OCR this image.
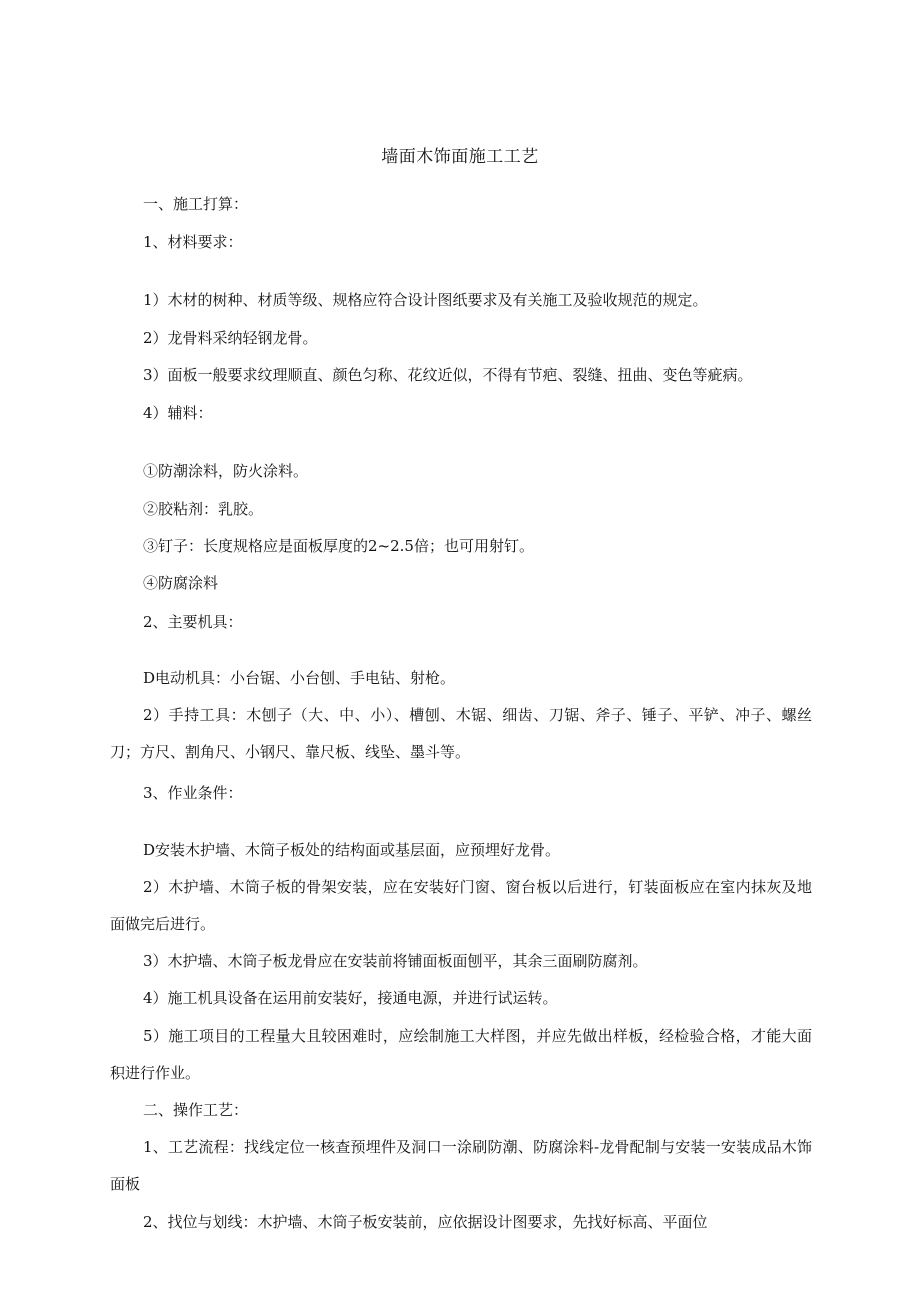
墙面木饰面施工工艺
一、施工打算：
1、材料要求：
1）木材的树种、材质等级、规格应符合设计图纸要求及有关施工及验收规范的规定。
2）龙骨料采纳轻钢龙骨。
3）面板一般要求纹理顺直、颜色匀称、花纹近似，不得有节疤、裂缝、扭曲、变色等疵病。
4）辅料：
①防潮涂料，防火涂料。
②胶粘剂：乳胶。
③钉子：长度规格应是面板厚度的2~2.5倍；也可用射钉。
④防腐涂料
2、主要机具：
D电动机具：小台锯、小台刨、手电钻、射枪。
2）手持工具：木刨子（大、中、小）、槽刨、木锯、细齿、刀锯、斧子、锤子、平铲、冲子、螺丝刀；方尺、割角尺、小钢尺、靠尺板、线坠、墨斗等。
3、作业条件：
D安装木护墙、木筒子板处的结构面或基层面，应预埋好龙骨。
2）木护墙、木筒子板的骨架安装，应在安装好门窗、窗台板以后进行，钉装面板应在室内抹灰及地面做完后进行。
3）木护墙、木筒子板龙骨应在安装前将铺面板面刨平，其余三面刷防腐剂。
4）施工机具设备在运用前安装好，接通电源，并进行试运转。
5）施工项目的工程量大且较困难时，应绘制施工大样图，并应先做出样板，经检验合格，才能大面积进行作业。
二、操作工艺：
1、工艺流程：找线定位一核查预埋件及洞口一涂刷防潮、防腐涂料-龙骨配制与安装一安装成品木饰面板
2、找位与划线：木护墙、木筒子板安装前，应依据设计图要求，先找好标高、平面位
